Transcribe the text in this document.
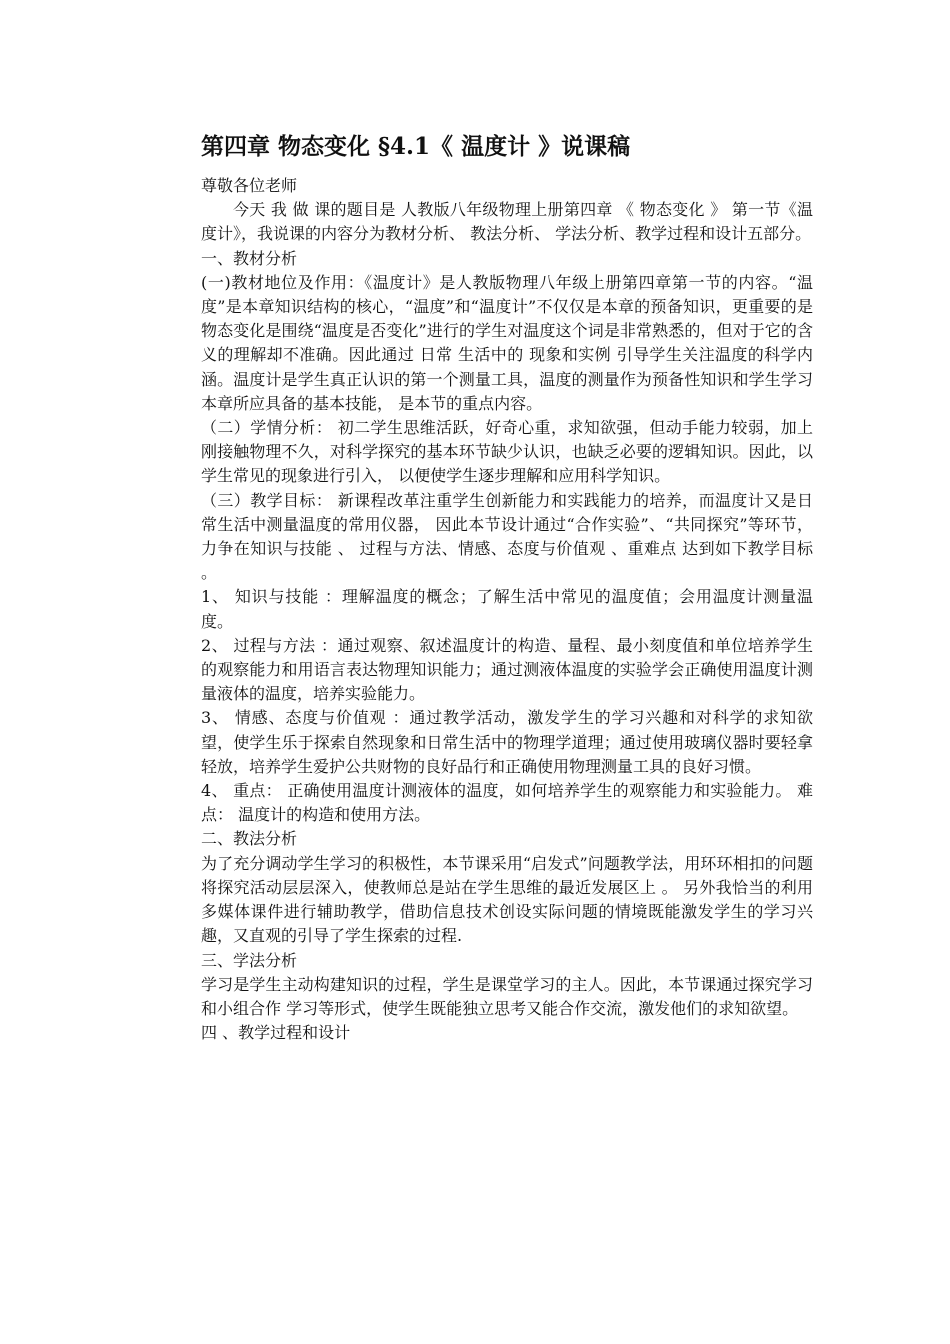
第四章 物态变化 §4.1《 温度计 》说课稿

尊敬各位老师

今天 我 做 课的题目是 人教版八年级物理上册第四章 《 物态变化 》 第一节《温度计》，我说课的内容分为教材分析、 教法分析、 学法分析、教学过程和设计五部分。

一、教材分析

(一)教材地位及作用：《温度计》是人教版物理八年级上册第四章第一节的内容。“温度”是本章知识结构的核心，“温度”和“温度计”不仅仅是本章的预备知识，更重要的是物态变化是围绕“温度是否变化”进行的学生对温度这个词是非常熟悉的，但对于它的含义的理解却不准确。因此通过 日常 生活中的 现象和实例 引导学生关注温度的科学内涵。温度计是学生真正认识的第一个测量工具，温度的测量作为预备性知识和学生学习本章所应具备的基本技能， 是本节的重点内容。

（二）学情分析： 初二学生思维活跃，好奇心重，求知欲强，但动手能力较弱，加上刚接触物理不久，对科学探究的基本环节缺少认识，也缺乏必要的逻辑知识。因此，以学生常见的现象进行引入， 以便使学生逐步理解和应用科学知识。

（三）教学目标： 新课程改革注重学生创新能力和实践能力的培养，而温度计又是日常生活中测量温度的常用仪器， 因此本节设计通过“合作实验”、“共同探究”等环节，力争在知识与技能 、 过程与方法、情感、态度与价值观 、重难点 达到如下教学目标 。

1、 知识与技能 ：理解温度的概念；了解生活中常见的温度值；会用温度计测量温度。

2、 过程与方法 ：通过观察、叙述温度计的构造、量程、最小刻度值和单位培养学生的观察能力和用语言表达物理知识能力；通过测液体温度的实验学会正确使用温度计测量液体的温度，培养实验能力。

3、 情感、态度与价值观 ：通过教学活动，激发学生的学习兴趣和对科学的求知欲望，使学生乐于探索自然现象和日常生活中的物理学道理；通过使用玻璃仪器时要轻拿轻放，培养学生爱护公共财物的良好品行和正确使用物理测量工具的良好习惯。

4、 重点： 正确使用温度计测液体的温度，如何培养学生的观察能力和实验能力。 难点： 温度计的构造和使用方法。

二、教法分析

为了充分调动学生学习的积极性，本节课采用“启发式”问题教学法，用环环相扣的问题将探究活动层层深入，使教师总是站在学生思维的最近发展区上 。 另外我恰当的利用多媒体课件进行辅助教学，借助信息技术创设实际问题的情境既能激发学生的学习兴趣，又直观的引导了学生探索的过程.

三、学法分析

学习是学生主动构建知识的过程，学生是课堂学习的主人。因此，本节课通过探究学习和小组合作 学习等形式，使学生既能独立思考又能合作交流，激发他们的求知欲望。

四 、教学过程和设计
